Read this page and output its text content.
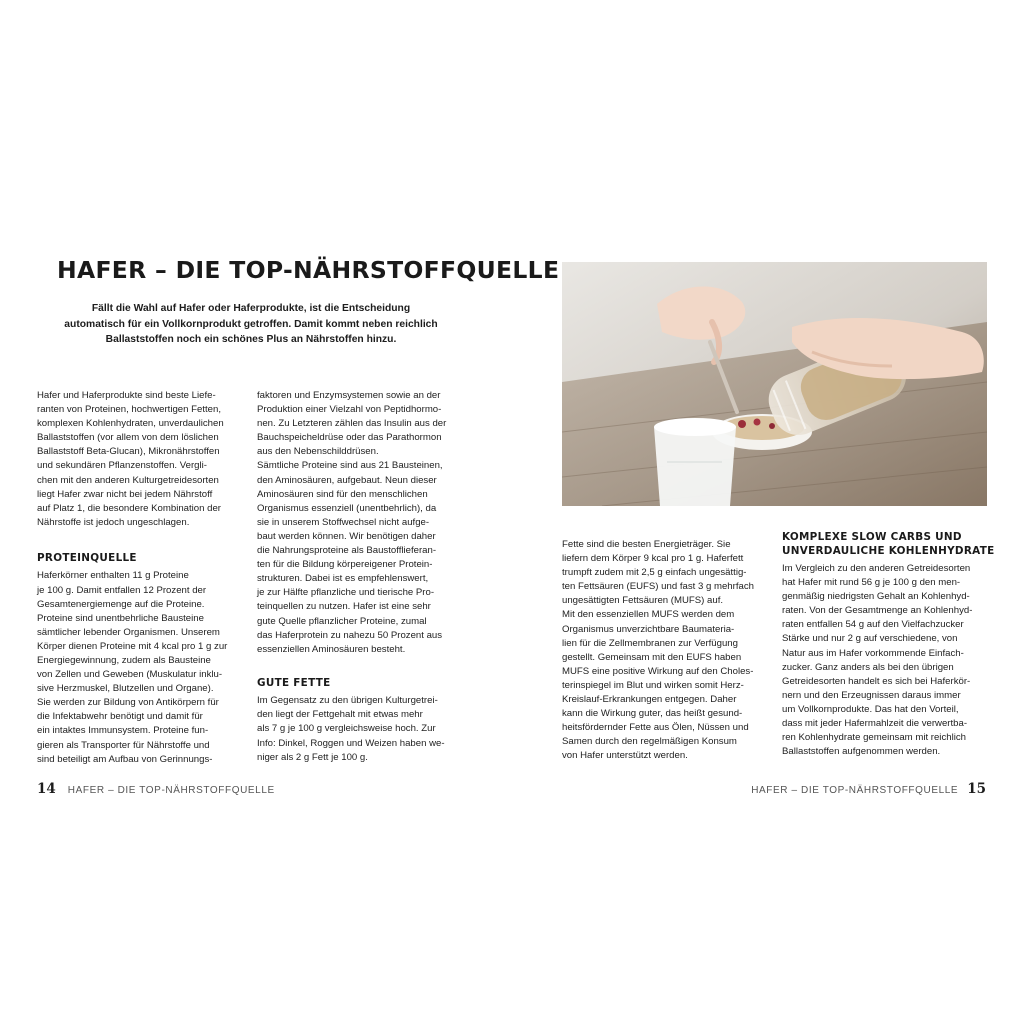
HAFER – DIE TOP-NÄHRSTOFFQUELLE
Fällt die Wahl auf Hafer oder Haferprodukte, ist die Entscheidung
automatisch für ein Vollkornprodukt getroffen. Damit kommt neben reichlich
Ballaststoffen noch ein schönes Plus an Nährstoffen hinzu.
Hafer und Haferprodukte sind beste Liefe-
ranten von Proteinen, hochwertigen Fetten,
komplexen Kohlenhydraten, unverdaulichen
Ballaststoffen (vor allem von dem löslichen
Ballaststoff Beta-Glucan), Mikronährstoffen
und sekundären Pflanzenstoffen. Vergli-
chen mit den anderen Kulturgetreidesorten
liegt Hafer zwar nicht bei jedem Nährstoff
auf Platz 1, die besondere Kombination der
Nährstoffe ist jedoch ungeschlagen.
PROTEINQUELLE
Haferkörner enthalten 11 g Proteine
je 100 g. Damit entfallen 12 Prozent der
Gesamtenergiemenge auf die Proteine.
Proteine sind unentbehrliche Bausteine
sämtlicher lebender Organismen. Unserem
Körper dienen Proteine mit 4 kcal pro 1 g zur
Energiegewinnung, zudem als Bausteine
von Zellen und Geweben (Muskulatur inklu-
sive Herzmuskel, Blutzellen und Organe).
Sie werden zur Bildung von Antikörpern für
die Infektabwehr benötigt und damit für
ein intaktes Immunsystem. Proteine fun-
gieren als Transporter für Nährstoffe und
sind beteiligt am Aufbau von Gerinnungs-
faktoren und Enzymsystemen sowie an der
Produktion einer Vielzahl von Peptidhormo-
nen. Zu Letzteren zählen das Insulin aus der
Bauchspeicheldrüse oder das Parathormon
aus den Nebenschilddrüsen.
Sämtliche Proteine sind aus 21 Bausteinen,
den Aminosäuren, aufgebaut. Neun dieser
Aminosäuren sind für den menschlichen
Organismus essenziell (unentbehrlich), da
sie in unserem Stoffwechsel nicht aufge-
baut werden können. Wir benötigen daher
die Nahrungsproteine als Baustofflieferan-
ten für die Bildung körpereigener Protein-
strukturen. Dabei ist es empfehlenswert,
je zur Hälfte pflanzliche und tierische Pro-
teinquellen zu nutzen. Hafer ist eine sehr
gute Quelle pflanzlicher Proteine, zumal
das Haferprotein zu nahezu 50 Prozent aus
essenziellen Aminosäuren besteht.
GUTE FETTE
Im Gegensatz zu den übrigen Kulturgetrei-
den liegt der Fettgehalt mit etwas mehr
als 7 g je 100 g vergleichsweise hoch. Zur
Info: Dinkel, Roggen und Weizen haben we-
niger als 2 g Fett je 100 g.
Fette sind die besten Energieträger. Sie
liefern dem Körper 9 kcal pro 1 g. Haferfett
trumpft zudem mit 2,5 g einfach ungesättig-
ten Fettsäuren (EUFS) und fast 3 g mehrfach
ungesättigten Fettsäuren (MUFS) auf.
Mit den essenziellen MUFS werden dem
Organismus unverzichtbare Baumateria-
lien für die Zellmembranen zur Verfügung
gestellt. Gemeinsam mit den EUFS haben
MUFS eine positive Wirkung auf den Choles-
terinspiegel im Blut und wirken somit Herz-
Kreislauf-Erkrankungen entgegen. Daher
kann die Wirkung guter, das heißt gesund-
heitsfördernder Fette aus Ölen, Nüssen und
Samen durch den regelmäßigen Konsum
von Hafer unterstützt werden.
KOMPLEXE SLOW CARBS UND
UNVERDAULICHE KOHLENHYDRATE
Im Vergleich zu den anderen Getreidesorten
hat Hafer mit rund 56 g je 100 g den men-
genmäßig niedrigsten Gehalt an Kohlenhyd-
raten. Von der Gesamtmenge an Kohlenhyd-
raten entfallen 54 g auf den Vielfachzucker
Stärke und nur 2 g auf verschiedene, von
Natur aus im Hafer vorkommende Einfach-
zucker. Ganz anders als bei den übrigen
Getreidesorten handelt es sich bei Haferkör-
nern und den Erzeugnissen daraus immer
um Vollkornprodukte. Das hat den Vorteil,
dass mit jeder Hafermahlzeit die verwertba-
ren Kohlenhydrate gemeinsam mit reichlich
Ballaststoffen aufgenommen werden.
14 HAFER – DIE TOP-NÄHRSTOFFQUELLE	HAFER – DIE TOP-NÄHRSTOFFQUELLE 15
